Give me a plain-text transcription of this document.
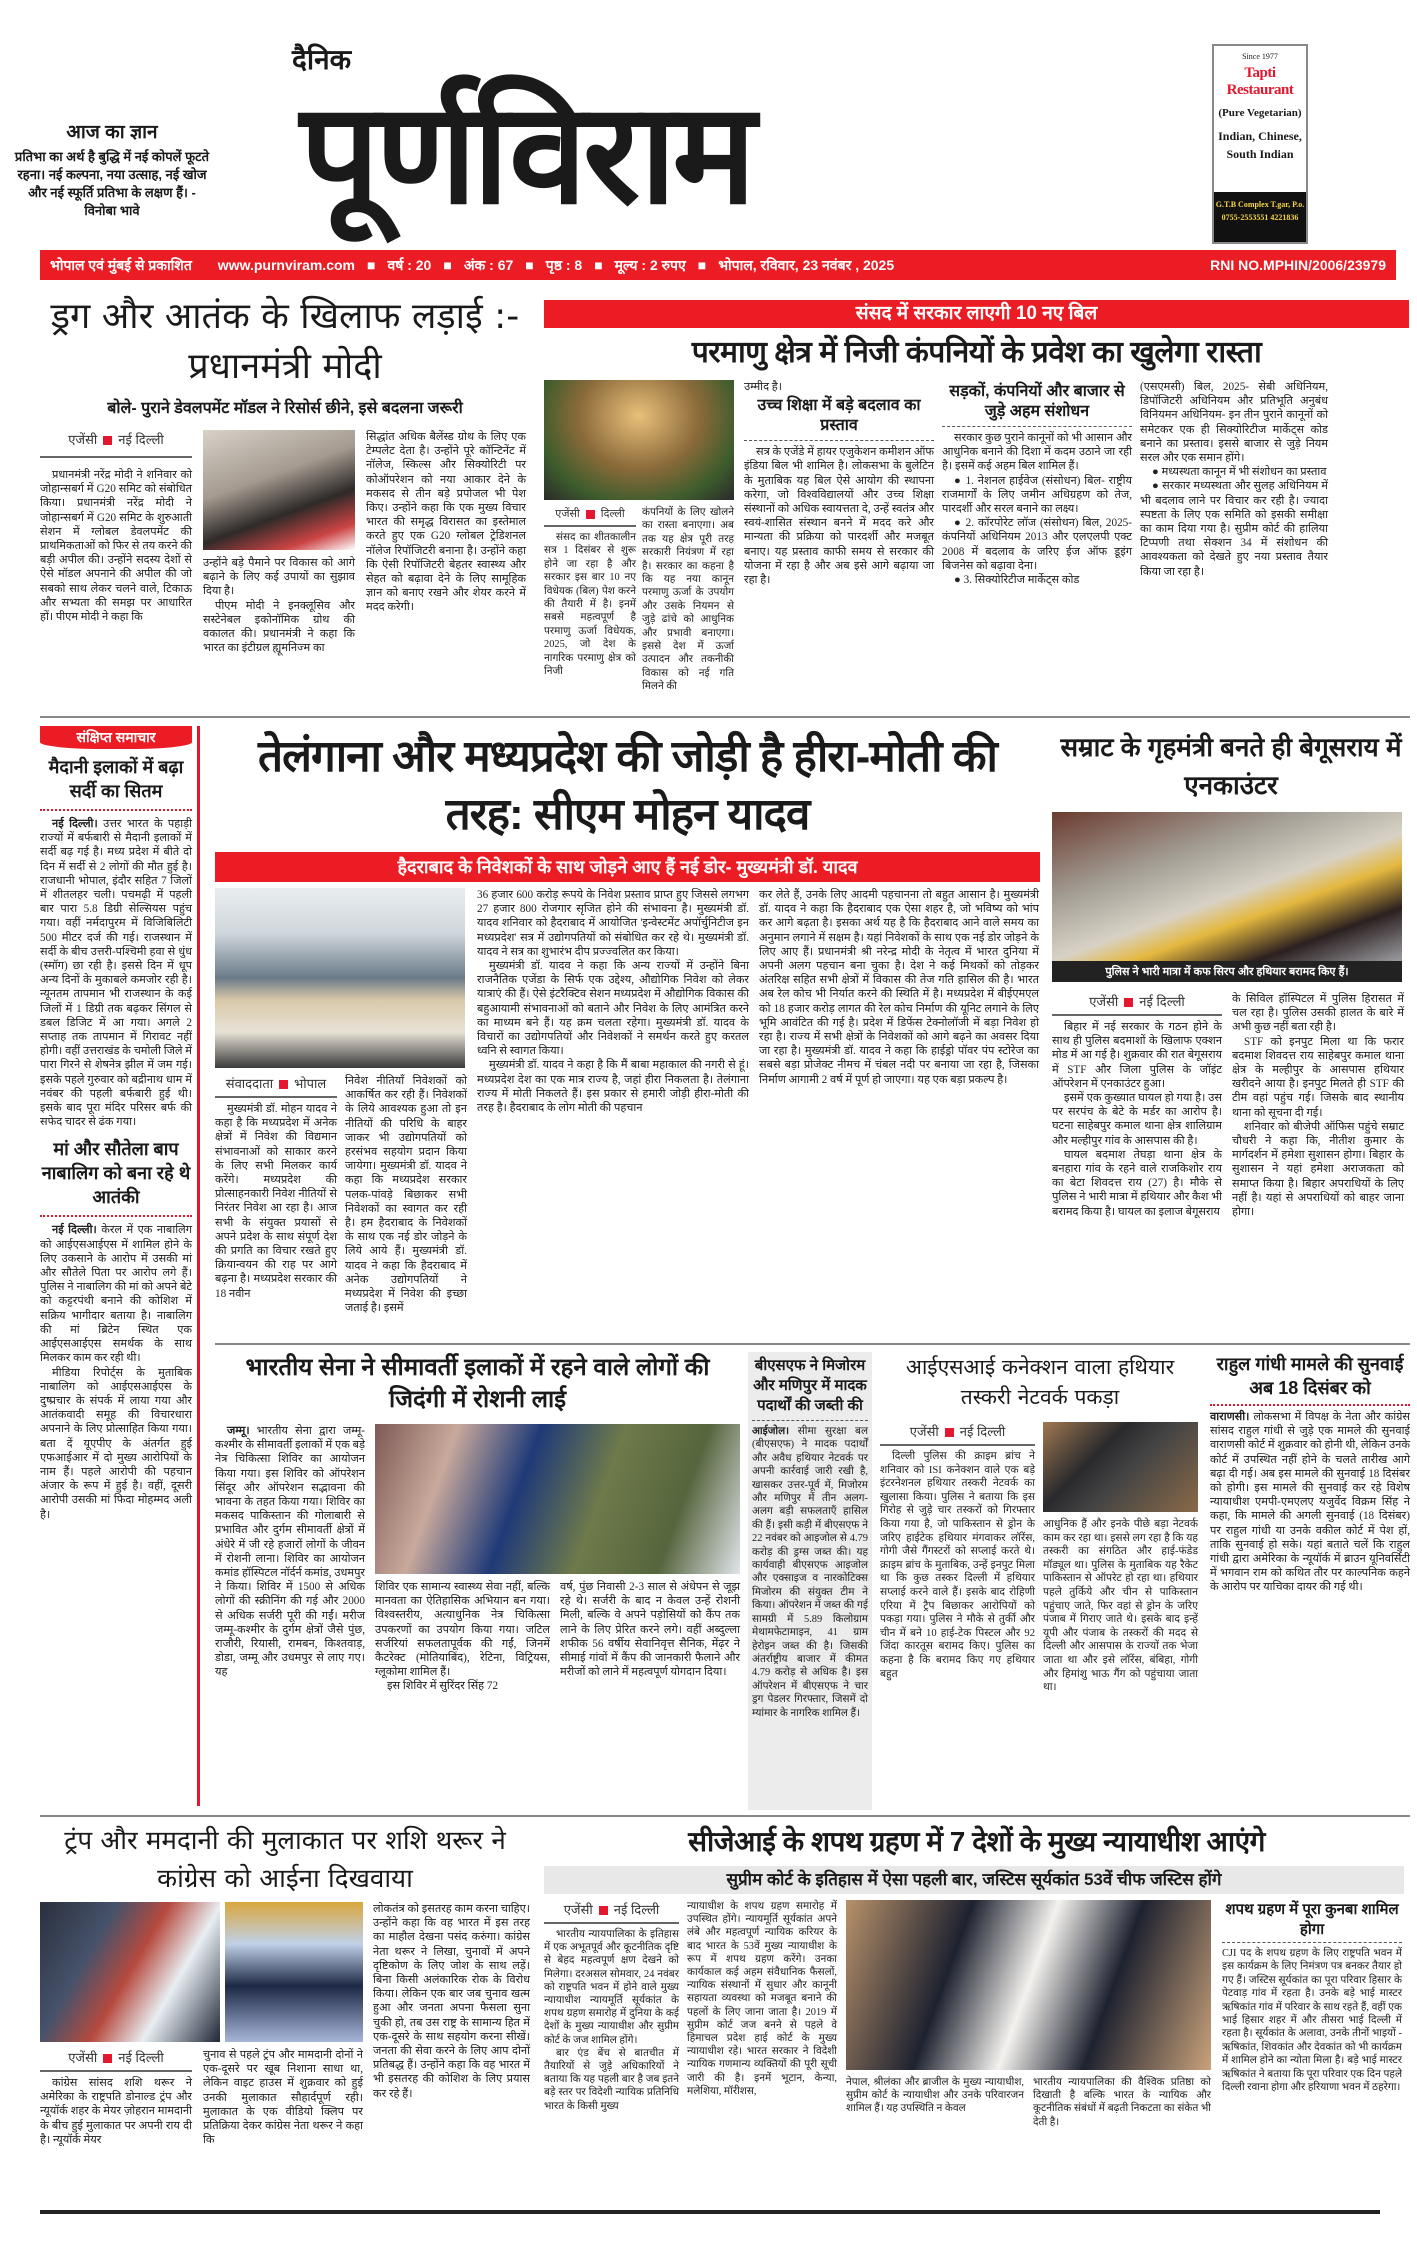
आज का ज्ञान
प्रतिभा का अर्थ है बुद्धि में नई कोपलें फूटते रहना। नई कल्पना, नया उत्साह, नई खोज और नई स्फूर्ति प्रतिभा के लक्षण हैं। - विनोबा भावे
दैनिक
पूर्णविराम
Since 1977
Tapti Restaurant
(Pure Vegetarian)
Indian, Chinese, South Indian
G.T.B Complex T.gar, P.o.
0755-2553551 4221836
भोपाल एवं मुंबई से प्रकाशित www.purnviram.com ■ वर्ष : 20 ■ अंक : 67 ■ पृष्ठ : 8 ■ मूल्य : 2 रुपए ■ भोपाल, रविवार, 23 नवंबर , 2025	RNI NO.MPHIN/2006/23979
ड्रग और आतंक के खिलाफ लड़ाई :- प्रधानमंत्री मोदी
बोले- पुराने डेवलपमेंट मॉडल ने रिसोर्स छीने, इसे बदलना जरूरी
एजेंसी नई दिल्ली

प्रधानमंत्री नरेंद्र मोदी ने शनिवार को जोहान्सबर्ग में G20 समिट को संबोधित किया। प्रधानमंत्री नरेंद्र मोदी ने जोहान्सबर्ग में G20 समिट के शुरुआती सेशन में ग्लोबल डेवलपमेंट की प्राथमिकताओं को फिर से तय करने की बड़ी अपील की। उन्होंने सदस्य देशों से ऐसे मॉडल अपनाने की अपील की जो सबको साथ लेकर चलने वाले, टिकाऊ और सभ्यता की समझ पर आधारित हों। पीएम मोदी ने कहा कि

उन्होंने बड़े पैमाने पर विकास को आगे बढ़ाने के लिए कई उपायों का सुझाव दिया है।

पीएम मोदी ने इनक्लूसिव और सस्टेनेबल इकोनॉमिक ग्रोथ की वकालत की। प्रधानमंत्री ने कहा कि भारत का इंटीग्रल ह्यूमनिज्म का

सिद्धांत अधिक बैलेंस्ड ग्रोथ के लिए एक टेम्पलेट देता है। उन्होंने पूरे कॉन्टिनेंट में नॉलेज, स्किल्स और सिक्योरिटी पर कोऑपरेशन को नया आकार देने के मकसद से तीन बड़े प्रपोजल भी पेश किए। उन्होंने कहा कि एक मुख्य विचार भारत की समृद्ध विरासत का इस्तेमाल करते हुए एक G20 ग्लोबल ट्रेडिशनल नॉलेज रिपॉजिटरी बनाना है। उन्होंने कहा कि ऐसी रिपॉजिटरी बेहतर स्वास्थ्य और सेहत को बढ़ावा देने के लिए सामूहिक ज्ञान को बनाए रखने और शेयर करने में मदद करेगी।

संसद में सरकार लाएगी 10 नए बिल
परमाणु क्षेत्र में निजी कंपनियों के प्रवेश का खुलेगा रास्ता
एजेंसी दिल्ली

संसद का शीतकालीन सत्र 1 दिसंबर से शुरू होने जा रहा है और सरकार इस बार 10 नए विधेयक (बिल) पेश करने की तैयारी में है। इनमें सबसे महत्वपूर्ण है परमाणु ऊर्जा विधेयक, 2025, जो देश के नागरिक परमाणु क्षेत्र को निजी

कंपनियों के लिए खोलने का रास्ता बनाएगा। अब तक यह क्षेत्र पूरी तरह सरकारी नियंत्रण में रहा है। सरकार का कहना है कि यह नया कानून परमाणु ऊर्जा के उपयोग और उसके नियमन से जुड़े ढांचे को आधुनिक और प्रभावी बनाएगा। इससे देश में ऊर्जा उत्पादन और तकनीकी विकास को नई गति मिलने की

उम्मीद है।
उच्च शिक्षा में बड़े बदलाव का प्रस्ताव

सत्र के एजेंडे में हायर एजुकेशन कमीशन ऑफ इंडिया बिल भी शामिल है। लोकसभा के बुलेटिन के मुताबिक यह बिल ऐसे आयोग की स्थापना करेगा, जो विश्वविद्यालयों और उच्च शिक्षा संस्थानों को अधिक स्वायत्तता दे, उन्हें स्वतंत्र और स्वयं-शासित संस्थान बनने में मदद करे और मान्यता की प्रक्रिया को पारदर्शी और मजबूत बनाए। यह प्रस्ताव काफी समय से सरकार की योजना में रहा है और अब इसे आगे बढ़ाया जा रहा है।

सड़कों, कंपनियों और बाजार से जुड़े अहम संशोधन

सरकार कुछ पुराने कानूनों को भी आसान और आधुनिक बनाने की दिशा में कदम उठाने जा रही है। इसमें कई अहम बिल शामिल हैं।

● 1. नेशनल हाईवेज (संसोधन) बिल- राष्ट्रीय राजमार्गों के लिए जमीन अधिग्रहण को तेज, पारदर्शी और सरल बनाने का लक्ष्य।

● 2. कॉरपोरेट लॉज (संसोधन) बिल, 2025- कंपनियों अधिनियम 2013 और एलएलपी एक्ट 2008 में बदलाव के जरिए ईज ऑफ डूइंग बिजनेस को बढ़ावा देना।

● 3. सिक्योरिटीज मार्केट्स कोड

(एसएमसी) बिल, 2025- सेबी अधिनियम, डिपॉजिटरी अधिनियम और प्रतिभूति अनुबंध विनियमन अधिनियम- इन तीन पुराने कानूनों को समेटकर एक ही सिक्योरिटीज मार्केट्स कोड बनाने का प्रस्ताव। इससे बाजार से जुड़े नियम सरल और एक समान होंगे।

● मध्यस्थता कानून में भी संशोधन का प्रस्ताव

● सरकार मध्यस्थता और सुलह अधिनियम में भी बदलाव लाने पर विचार कर रही है। ज्यादा स्पष्टता के लिए एक समिति को इसकी समीक्षा का काम दिया गया है। सुप्रीम कोर्ट की हालिया टिप्पणी तथा सेक्शन 34 में संशोधन की आवश्यकता को देखते हुए नया प्रस्ताव तैयार किया जा रहा है।

संक्षिप्त समाचार
मैदानी इलाकों में बढ़ा सर्दी का सितम

नई दिल्ली। उत्तर भारत के पहाड़ी राज्यों में बर्फबारी से मैदानी इलाकों में सर्दी बढ़ गई है। मध्य प्रदेश में बीते दो दिन में सर्दी से 2 लोगों की मौत हुई है। राजधानी भोपाल, इंदौर सहित 7 जिलों में शीतलहर चली। पचमढ़ी में पहली बार पारा 5.8 डिग्री सेल्सियस पहुंच गया। वहीं नर्मदापुरम में विजिबिलिटी 500 मीटर दर्ज की गई। राजस्थान में सर्दी के बीच उत्तरी-पश्चिमी हवा से धुंध (स्मॉग) छा रही है। इससे दिन में धूप अन्य दिनों के मुकाबले कमजोर रही है। न्यूनतम तापमान भी राजस्थान के कई जिलों में 1 डिग्री तक बढ़कर सिंगल से डबल डिजिट में आ गया। अगले 2 सप्ताह तक तापमान में गिरावट नहीं होगी। वहीं उत्तराखंड के चमोली जिले में पारा गिरने से शेषनेत्र झील में जम गई। इसके पहले गुरुवार को बद्रीनाथ धाम में नवंबर की पहली बर्फबारी हुई थी। इसके बाद पूरा मंदिर परिसर बर्फ की सफेद चादर से ढंक गया।

मां और सौतेला बाप नाबालिग को बना रहे थे आतंकी

नई दिल्ली। केरल में एक नाबालिग को आईएसआईएस में शामिल होने के लिए उकसाने के आरोप में उसकी मां और सौतेले पिता पर आरोप लगे हैं। पुलिस ने नाबालिग की मां को अपने बेटे को कट्टरपंथी बनाने की कोशिश में सक्रिय भागीदार बताया है। नाबालिग की मां ब्रिटेन स्थित एक आईएसआईएस समर्थक के साथ मिलकर काम कर रही थी।

मीडिया रिपोर्ट्स के मुताबिक नाबालिग को आईएसआईएस के दुष्प्रचार के संपर्क में लाया गया और आतंकवादी समूह की विचारधारा अपनाने के लिए प्रोत्साहित किया गया। बता दें यूएपीए के अंतर्गत हुई एफआईआर में दो मुख्य आरोपियों के नाम हैं। पहले आरोपी की पहचान अंजार के रूप में हुई है। वहीं, दूसरी आरोपी उसकी मां फिदा मोहम्मद अली है।

तेलंगाना और मध्यप्रदेश की जोड़ी है हीरा-मोती की तरह: सीएम मोहन यादव
हैदराबाद के निवेशकों के साथ जोड़ने आए हैं नई डोर- मुख्यमंत्री डॉ. यादव
संवाददाता भोपाल

मुख्यमंत्री डॉ. मोहन यादव ने कहा है कि मध्यप्रदेश में अनेक क्षेत्रों में निवेश की विद्यमान संभावनाओं को साकार करने के लिए सभी मिलकर कार्य करेंगे। मध्यप्रदेश की प्रोत्साहनकारी निवेश नीतियों से निरंतर निवेश आ रहा है। आज सभी के संयुक्त प्रयासों से अपने प्रदेश के साथ संपूर्ण देश की प्रगति का विचार रखते हुए क्रियान्वयन की राह पर आगे बढ़ना है। मध्यप्रदेश सरकार की 18 नवीन

निवेश नीतियाँ निवेशकों को आकर्षित कर रही हैं। निवेशकों के लिये आवश्यक हुआ तो इन नीतियों की परिधि के बाहर जाकर भी उद्योगपतियों को हरसंभव सहयोग प्रदान किया जायेगा। मुख्यमंत्री डॉ. यादव ने कहा कि मध्यप्रदेश सरकार पलक-पांवड़े बिछाकर सभी निवेशकों का स्वागत कर रही है। हम हैदराबाद के निवेशकों के साथ एक नई डोर जोड़ने के लिये आये हैं। मुख्यमंत्री डॉ. यादव ने कहा कि हैदराबाद में अनेक उद्योगपतियों ने मध्यप्रदेश में निवेश की इच्छा जताई है। इसमें

36 हजार 600 करोड़ रूपये के निवेश प्रस्ताव प्राप्त हुए जिससे लगभग 27 हजार 800 रोजगार सृजित होने की संभावना है। मुख्यमंत्री डॉ. यादव शनिवार को हैदराबाद में आयोजित 'इन्वेस्टमेंट अपॉर्चुनिटीज इन मध्यप्रदेश' सत्र में उद्योगपतियों को संबोधित कर रहे थे। मुख्यमंत्री डॉ. यादव ने सत्र का शुभारंभ दीप प्रज्ज्वलित कर किया।

मुख्यमंत्री डॉ. यादव ने कहा कि अन्य राज्यों में उन्होंने बिना राजनैतिक एजेंडा के सिर्फ एक उद्देश्य, औद्योगिक निवेश को लेकर यात्राएं की हैं। ऐसे इंटरैक्टिव सेशन मध्यप्रदेश में औद्योगिक विकास की बहुआयामी संभावनाओं को बताने और निवेश के लिए आमंत्रित करने का माध्यम बने हैं। यह क्रम चलता रहेगा। मुख्यमंत्री डॉ. यादव के विचारों का उद्योगपतियों और निवेशकों ने समर्थन करते हुए करतल ध्वनि से स्वागत किया।

मुख्यमंत्री डॉ. यादव ने कहा है कि मैं बाबा महाकाल की नगरी से हूं। मध्यप्रदेश देश का एक मात्र राज्य है, जहां हीरा निकलता है। तेलंगाना राज्य में मोती निकलते हैं। इस प्रकार से हमारी जोड़ी हीरा-मोती की तरह है। हैदराबाद के लोग मोती की पहचान

कर लेते हैं, उनके लिए आदमी पहचानना तो बहुत आसान है। मुख्यमंत्री डॉ. यादव ने कहा कि हैदराबाद एक ऐसा शहर है, जो भविष्य को भांप कर आगे बढ़ता है। इसका अर्थ यह है कि हैदराबाद आने वाले समय का अनुमान लगाने में सक्षम है। यहां निवेशकों के साथ एक नई डोर जोड़ने के लिए आए हैं। प्रधानमंत्री श्री नरेन्द्र मोदी के नेतृत्व में भारत दुनिया में अपनी अलग पहचान बना चुका है। देश ने कई मिथकों को तोड़कर अंतरिक्ष सहित सभी क्षेत्रों में विकास की तेज गति हासिल की है। भारत अब रेल कोच भी निर्यात करने की स्थिति में है। मध्यप्रदेश में बीईएमएल को 18 हजार करोड़ लागत की रेल कोच निर्माण की यूनिट लगाने के लिए भूमि आवंटित की गई है। प्रदेश में डिफेंस टेक्नोलॉजी में बड़ा निवेश हो रहा है। राज्य में सभी क्षेत्रों के निवेशकों को आगे बढ़ने का अवसर दिया जा रहा है। मुख्यमंत्री डॉ. यादव ने कहा कि हाईड्रो पॉवर पंप स्टोरेज का सबसे बड़ा प्रोजेक्ट नीमच में चंबल नदी पर बनाया जा रहा है, जिसका निर्माण आगामी 2 वर्ष में पूर्ण हो जाएगा। यह एक बड़ा प्रकल्प है।

सम्राट के गृहमंत्री बनते ही बेगूसराय में एनकाउंटर
पुलिस ने भारी मात्रा में कफ सिरप और हथियार बरामद किए हैं।
एजेंसी नई दिल्ली

बिहार में नई सरकार के गठन होने के साथ ही पुलिस बदमाशों के खिलाफ एक्शन मोड में आ गई है। शुक्रवार की रात बेगूसराय में STF और जिला पुलिस के जॉइंट ऑपरेशन में एनकाउंटर हुआ।

इसमें एक कुख्यात घायल हो गया है। उस पर सरपंच के बेटे के मर्डर का आरोप है। घटना साहेबपुर कमाल थाना क्षेत्र शालिग्राम और मल्हीपुर गांव के आसपास की है।

घायल बदमाश तेघड़ा थाना क्षेत्र के बनहारा गांव के रहने वाले राजकिशोर राय का बेटा शिवदत्त राय (27) है। मौके से पुलिस ने भारी मात्रा में हथियार और कैश भी बरामद किया है। घायल का इलाज बेगूसराय

के सिविल हॉस्पिटल में पुलिस हिरासत में चल रहा है। पुलिस उसकी हालत के बारे में अभी कुछ नहीं बता रही है।

STF को इनपुट मिला था कि फरार बदमाश शिवदत्त राय साहेबपुर कमाल थाना क्षेत्र के मल्हीपुर के आसपास हथियार खरीदने आया है। इनपुट मिलते ही STF की टीम वहां पहुंच गई। जिसके बाद स्थानीय थाना को सूचना दी गई।

शनिवार को बीजेपी ऑफिस पहुंचे सम्राट चौधरी ने कहा कि, नीतीश कुमार के मार्गदर्शन में हमेशा सुशासन होगा। बिहार के सुशासन ने यहां हमेशा अराजकता को समाप्त किया है। बिहार अपराधियों के लिए नहीं है। यहां से अपराधियों को बाहर जाना होगा।

भारतीय सेना ने सीमावर्ती इलाकों में रहने वाले लोगों की जिदंगी में रोशनी लाई

जम्मू। भारतीय सेना द्वारा जम्मू-कश्मीर के सीमावर्ती इलाकों में एक बड़े नेत्र चिकित्सा शिविर का आयोजन किया गया। इस शिविर को ऑपरेशन सिंदूर और ऑपरेशन सद्भावना की भावना के तहत किया गया। शिविर का मकसद पाकिस्तान की गोलाबारी से प्रभावित और दुर्गम सीमावर्ती क्षेत्रों में अंधेरे में जी रहे हजारों लोगों के जीवन में रोशनी लाना। शिविर का आयोजन कमांड हॉस्पिटल नॉर्दर्न कमांड, उधमपुर ने किया। शिविर में 1500 से अधिक लोगों की स्क्रीनिंग की गई और 2000 से अधिक सर्जरी पूरी की गईं। मरीज जम्मू-कश्मीर के दुर्गम क्षेत्रों जैसे पुंछ, राजौरी, रियासी, रामबन, किश्तवाड़, डोडा, जम्मू और उधमपुर से लाए गए। यह

शिविर एक सामान्य स्वास्थ्य सेवा नहीं, बल्कि मानवता का ऐतिहासिक अभियान बन गया। विश्वस्तरीय, अत्याधुनिक नेत्र चिकित्सा उपकरणों का उपयोग किया गया। जटिल सर्जरियां सफलतापूर्वक की गईं, जिनमें कैटरेक्ट (मोतियाबिंद), रेटिना, विट्रियस, ग्लूकोमा शामिल हैं।

इस शिविर में सुरिंदर सिंह 72

वर्ष, पुंछ निवासी 2-3 साल से अंधेपन से जूझ रहे थे। सर्जरी के बाद न केवल उन्हें रोशनी मिली, बल्कि वे अपने पड़ोसियों को कैंप तक लाने के लिए प्रेरित करने लगे। वहीं अब्दुल्ला शफीक 56 वर्षीय सेवानिवृत्त सैनिक, मेंढ़र ने सीमाई गांवों में कैंप की जानकारी फैलाने और मरीजों को लाने में महत्वपूर्ण योगदान दिया।

बीएसएफ ने मिजोरम और मणिपुर में मादक पदार्थों की जब्ती की

आईजोल। सीमा सुरक्षा बल (बीएसएफ) ने मादक पदार्थों और अवैध हथियार नेटवर्क पर अपनी कार्रवाई जारी रखी है, खासकर उत्तर-पूर्व में, मिजोरम और मणिपुर में तीन अलग-अलग बड़ी सफलताएँ हासिल की हैं। इसी कड़ी में बीएसएफ ने 22 नवंबर को आइजोल से 4.79 करोड़ की ड्रग्स जब्त की। यह कार्यवाही बीएसएफ आइजोल और एक्साइज व नारकोटिक्स मिजोरम की संयुक्त टीम ने किया। ऑपरेशन में जब्त की गई सामग्री में 5.89 किलोग्राम मेथामफेटामाइन, 41 ग्राम हेरोइन जब्त की है। जिसकी अंतर्राष्ट्रीय बाजार में कीमत 4.79 करोड़ से अधिक है। इस ऑपरेशन में बीएसएफ ने चार ड्रग पेडलर गिरफ्तार, जिसमें दो म्यांमार के नागरिक शामिल हैं।

आईएसआई कनेक्शन वाला हथियार तस्करी नेटवर्क पकड़ा
एजेंसी नई दिल्ली

दिल्ली पुलिस की क्राइम ब्रांच ने शनिवार को ISI कनेक्शन वाले एक बड़े इंटरनेशनल हथियार तस्करी नेटवर्क का खुलासा किया। पुलिस ने बताया कि इस गिरोह से जुड़े चार तस्करों को गिरफ्तार किया गया है, जो पाकिस्तान से ड्रोन के जरिए हाईटेक हथियार मंगवाकर लॉरेंस, गोगी जैसे गैंगस्टरों को सप्लाई करते थे। क्राइम ब्रांच के मुताबिक, उन्हें इनपुट मिला था कि कुछ तस्कर दिल्ली में हथियार सप्लाई करने वाले हैं। इसके बाद रोहिणी एरिया में ट्रैप बिछाकर आरोपियों को पकड़ा गया। पुलिस ने मौके से तुर्की और चीन में बने 10 हाई-टेक पिस्टल और 92 जिंदा कारतूस बरामद किए। पुलिस का कहना है कि बरामद किए गए हथियार बहुत

आधुनिक हैं और इनके पीछे बड़ा नेटवर्क काम कर रहा था। इससे लग रहा है कि यह तस्करी का संगठित और हाई-फंडेड मॉड्यूल था। पुलिस के मुताबिक यह रैकेट पाकिस्तान से ऑपरेट हो रहा था। हथियार पहले तुर्किये और चीन से पाकिस्तान पहुंचाए जाते, फिर वहां से ड्रोन के जरिए पंजाब में गिराए जाते थे। इसके बाद इन्हें यूपी और पंजाब के तस्करों की मदद से दिल्ली और आसपास के राज्यों तक भेजा जाता था और इसे लॉरेंस, बंबिहा, गोगी और हिमांशु भाऊ गैंग को पहुंचाया जाता था।

राहुल गांधी मामले की सुनवाई अब 18 दिसंबर को

वाराणसी। लोकसभा में विपक्ष के नेता और कांग्रेस सांसद राहुल गांधी से जुड़े एक मामले की सुनवाई वाराणसी कोर्ट में शुक्रवार को होनी थी, लेकिन उनके कोर्ट में उपस्थित नहीं होने के चलते तारीख आगे बढ़ा दी गई। अब इस मामले की सुनवाई 18 दिसंबर को होगी। इस मामले की सुनवाई कर रहे विशेष न्यायाधीश एमपी-एमएलए यजुर्वेद विक्रम सिंह ने कहा, कि मामले की अगली सुनवाई (18 दिसंबर) पर राहुल गांधी या उनके वकील कोर्ट में पेश हों, ताकि सुनवाई हो सके। यहां बताते चलें कि राहुल गांधी द्वारा अमेरिका के न्यूयॉर्क में ब्राउन यूनिवर्सिटी में भगवान राम को कथित तौर पर काल्पनिक कहने के आरोप पर याचिका दायर की गई थी।

ट्रंप और ममदानी की मुलाकात पर शशि थरूर ने कांग्रेस को आईना दिखवाया
एजेंसी नई दिल्ली

कांग्रेस सांसद शशि थरूर ने अमेरिका के राष्ट्रपति डोनाल्ड ट्रंप और न्यूयॉर्क शहर के मेयर ज़ोहरान मामदानी के बीच हुई मुलाकात पर अपनी राय दी है। न्यूयॉर्क मेयर

चुनाव से पहले ट्रंप और मामदानी दोनों ने एक-दूसरे पर खूब निशाना साधा था, लेकिन वाइट हाउस में शुक्रवार को हुई उनकी मुलाकात सौहार्दपूर्ण रही। मुलाकात के एक वीडियो क्लिप पर प्रतिक्रिया देकर कांग्रेस नेता थरूर ने कहा कि

लोकतंत्र को इसतरह काम करना चाहिए। उन्होंने कहा कि वह भारत में इस तरह का माहौल देखना पसंद करुंगा। कांग्रेस नेता थरूर ने लिखा, चुनावों में अपने दृष्टिकोण के लिए जोश के साथ लड़ें। बिना किसी अलंकारिक रोक के विरोध किया। लेकिन एक बार जब चुनाव खत्म हुआ और जनता अपना फैसला सुना चुकी हो, तब उस राष्ट्र के सामान्य हित में एक-दूसरे के साथ सहयोग करना सीखें। जनता की सेवा करने के लिए आप दोनों प्रतिबद्ध हैं। उन्होंने कहा कि वह भारत में भी इसतरह की कोशिश के लिए प्रयास कर रहे हैं।

सीजेआई के शपथ ग्रहण में 7 देशों के मुख्य न्यायाधीश आएंगे
सुप्रीम कोर्ट के इतिहास में ऐसा पहली बार, जस्टिस सूर्यकांत 53वें चीफ जस्टिस होंगे
एजेंसी नई दिल्ली

भारतीय न्यायपालिका के इतिहास में एक अभूतपूर्व और कूटनीतिक दृष्टि से बेहद महत्वपूर्ण क्षण देखने को मिलेगा। दरअसल सोमवार, 24 नवंबर को राष्ट्रपति भवन में होने वाले मुख्य न्यायाधीश न्यायमूर्ति सूर्यकांत के शपथ ग्रहण समारोह में दुनिया के कई देशों के मुख्य न्यायाधीश और सुप्रीम कोर्ट के जज शामिल होंगे।

बार एंड बेंच से बातचीत में तैयारियों से जुड़े अधिकारियों ने बताया कि यह पहली बार है जब इतने बड़े स्तर पर विदेशी न्यायिक प्रतिनिधि भारत के किसी मुख्य

न्यायाधीश के शपथ ग्रहण समारोह में उपस्थित होंगे। न्यायमूर्ति सूर्यकांत अपने लंबे और महत्वपूर्ण न्यायिक करियर के बाद भारत के 53वें मुख्य न्यायाधीश के रूप में शपथ ग्रहण करेंगे। उनका कार्यकाल कई अहम संवैधानिक फैसलों, न्यायिक संस्थानों में सुधार और कानूनी सहायता व्यवस्था को मजबूत बनाने की पहलों के लिए जाना जाता है। 2019 में सुप्रीम कोर्ट जज बनने से पहले वे हिमाचल प्रदेश हाई कोर्ट के मुख्य न्यायाधीश रहे। भारत सरकार ने विदेशी न्यायिक गणमान्य व्यक्तियों की पूरी सूची जारी की है। इनमें भूटान, केन्या, मलेशिया, मॉरीशस,

नेपाल, श्रीलंका और ब्राजील के मुख्य न्यायाधीश, सुप्रीम कोर्ट के न्यायाधीश और उनके परिवारजन शामिल हैं। यह उपस्थिति न केवल

भारतीय न्यायपालिका की वैश्विक प्रतिष्ठा को दिखाती है बल्कि भारत के न्यायिक और कूटनीतिक संबंधों में बढ़ती निकटता का संकेत भी देती है।

शपथ ग्रहण में पूरा कुनबा शामिल होगा

CJI पद के शपथ ग्रहण के लिए राष्ट्रपति भवन में इस कार्यक्रम के लिए निमंत्रण पत्र बनकर तैयार हो गए हैं। जस्टिस सूर्यकांत का पूरा परिवार हिसार के पेटवाड़ गांव में रहता है। उनके बड़े भाई मास्टर ऋषिकांत गांव में परिवार के साथ रहते हैं, वहीं एक भाई हिसार शहर में और तीसरा भाई दिल्ली में रहता है। सूर्यकांत के अलावा, उनके तीनों भाइयों - ऋषिकांत, शिवकांत और देवकांत को भी कार्यक्रम में शामिल होने का न्योता मिला है। बड़े भाई मास्टर ऋषिकांत ने बताया कि पूरा परिवार एक दिन पहले दिल्ली रवाना होगा और हरियाणा भवन में ठहरेगा।
